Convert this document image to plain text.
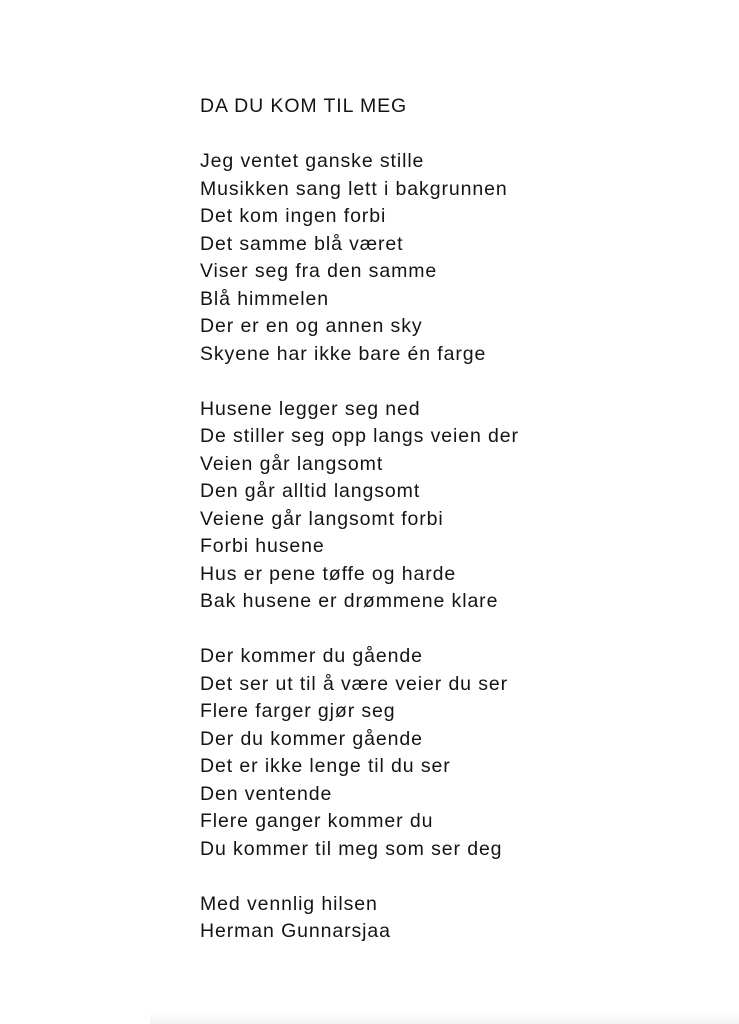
DA DU KOM TIL MEG
Jeg ventet ganske stille
Musikken sang lett i bakgrunnen
Det kom ingen forbi
Det samme blå været
Viser seg fra den samme
Blå himmelen
Der er en og annen sky
Skyene har ikke bare én farge
Husene legger seg ned
De stiller seg opp langs veien der
Veien går langsomt
Den går alltid langsomt
Veiene går langsomt forbi
Forbi husene
Hus er pene tøffe og harde
Bak husene er drømmene klare
Der kommer du gående
Det ser ut til å være veier du ser
Flere farger gjør seg
Der du kommer gående
Det er ikke lenge til du ser
Den ventende
Flere ganger kommer du
Du kommer til meg som ser deg
Med vennlig hilsen
Herman Gunnarsjaa
